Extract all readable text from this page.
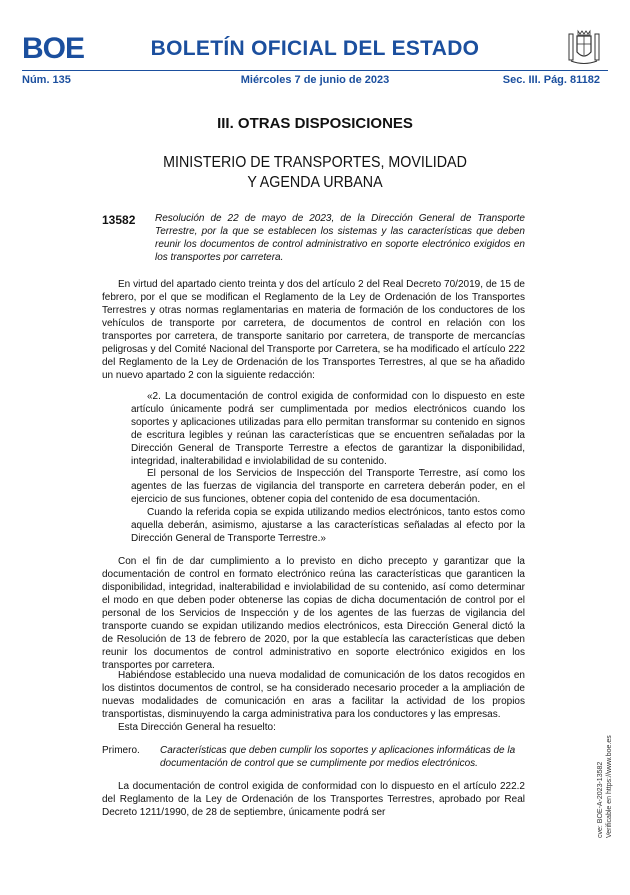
BOE	BOLETÍN OFICIAL DEL ESTADO
Núm. 135	Miércoles 7 de junio de 2023	Sec. III. Pág. 81182
III. OTRAS DISPOSICIONES
MINISTERIO DE TRANSPORTES, MOVILIDAD
Y AGENDA URBANA
13582 Resolución de 22 de mayo de 2023, de la Dirección General de Transporte Terrestre, por la que se establecen los sistemas y las características que deben reunir los documentos de control administrativo en soporte electrónico exigidos en los transportes por carretera.
En virtud del apartado ciento treinta y dos del artículo 2 del Real Decreto 70/2019, de 15 de febrero, por el que se modifican el Reglamento de la Ley de Ordenación de los Transportes Terrestres y otras normas reglamentarias en materia de formación de los conductores de los vehículos de transporte por carretera, de documentos de control en relación con los transportes por carretera, de transporte sanitario por carretera, de transporte de mercancías peligrosas y del Comité Nacional del Transporte por Carretera, se ha modificado el artículo 222 del Reglamento de la Ley de Ordenación de los Transportes Terrestres, al que se ha añadido un nuevo apartado 2 con la siguiente redacción:
«2. La documentación de control exigida de conformidad con lo dispuesto en este artículo únicamente podrá ser cumplimentada por medios electrónicos cuando los soportes y aplicaciones utilizadas para ello permitan transformar su contenido en signos de escritura legibles y reúnan las características que se encuentren señaladas por la Dirección General de Transporte Terrestre a efectos de garantizar la disponibilidad, integridad, inalterabilidad e inviolabilidad de su contenido.
El personal de los Servicios de Inspección del Transporte Terrestre, así como los agentes de las fuerzas de vigilancia del transporte en carretera deberán poder, en el ejercicio de sus funciones, obtener copia del contenido de esa documentación.
Cuando la referida copia se expida utilizando medios electrónicos, tanto estos como aquella deberán, asimismo, ajustarse a las características señaladas al efecto por la Dirección General de Transporte Terrestre.»
Con el fin de dar cumplimiento a lo previsto en dicho precepto y garantizar que la documentación de control en formato electrónico reúna las características que garanticen la disponibilidad, integridad, inalterabilidad e inviolabilidad de su contenido, así como determinar el modo en que deben poder obtenerse las copias de dicha documentación de control por el personal de los Servicios de Inspección y de los agentes de las fuerzas de vigilancia del transporte cuando se expidan utilizando medios electrónicos, esta Dirección General dictó la de Resolución de 13 de febrero de 2020, por la que establecía las características que deben reunir los documentos de control administrativo en soporte electrónico exigidos en los transportes por carretera.
Habiéndose establecido una nueva modalidad de comunicación de los datos recogidos en los distintos documentos de control, se ha considerado necesario proceder a la ampliación de nuevas modalidades de comunicación en aras a facilitar la actividad de los propios transportistas, disminuyendo la carga administrativa para los conductores y las empresas.
Esta Dirección General ha resuelto:
Primero. Características que deben cumplir los soportes y aplicaciones informáticas de la documentación de control que se cumplimente por medios electrónicos.
La documentación de control exigida de conformidad con lo dispuesto en el artículo 222.2 del Reglamento de la Ley de Ordenación de los Transportes Terrestres, aprobado por Real Decreto 1211/1990, de 28 de septiembre, únicamente podrá ser	cve: BOE-A-2023-13582 Verificable en https://www.boe.es
